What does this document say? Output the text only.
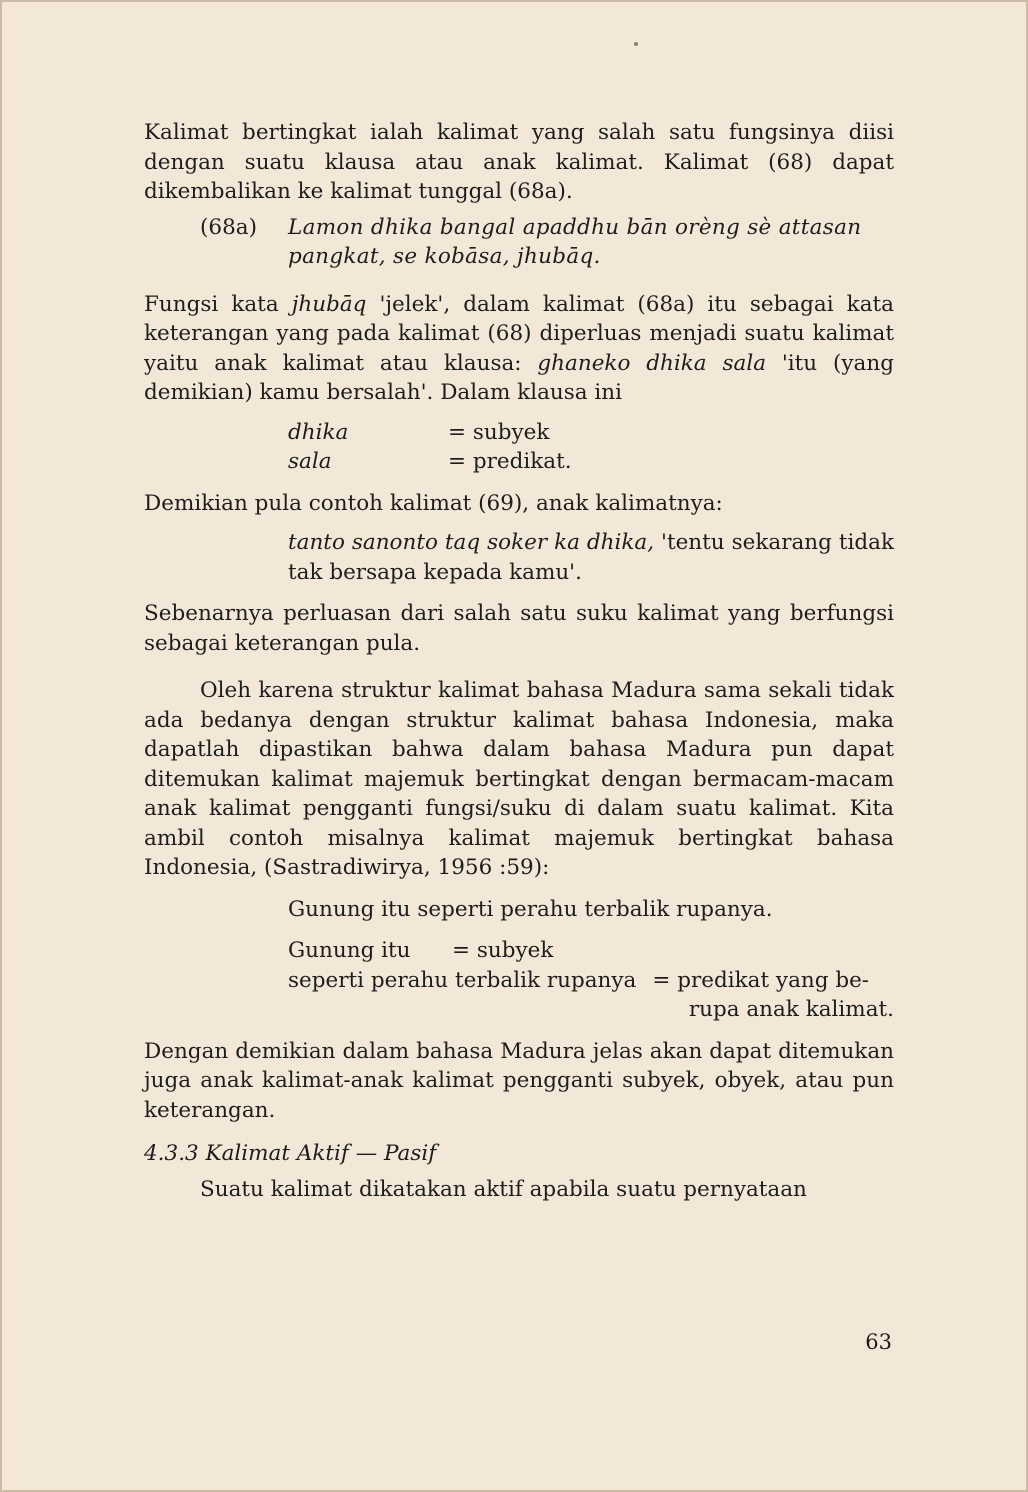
Kalimat bertingkat ialah kalimat yang salah satu fungsinya diisi dengan suatu klausa atau anak kalimat. Kalimat (68) dapat dikembalikan ke kalimat tunggal (68a).

(68a)	Lamon dhika bangal apaddhu bān orèng sè attasan
pangkat, se kobāsa, jhubāq.

Fungsi kata jhubāq 'jelek', dalam kalimat (68a) itu sebagai kata keterangan yang pada kalimat (68) diperluas menjadi suatu kalimat yaitu anak kalimat atau klausa: ghaneko dhika sala 'itu (yang demikian) kamu bersalah'. Dalam klausa ini

dhika	= subyek
sala	= predikat.

Demikian pula contoh kalimat (69), anak kalimatnya:

tanto sanonto taq soker ka dhika, 'tentu sekarang tidak tak bersapa kepada kamu'.

Sebenarnya perluasan dari salah satu suku kalimat yang berfungsi sebagai keterangan pula.

Oleh karena struktur kalimat bahasa Madura sama sekali tidak ada bedanya dengan struktur kalimat bahasa Indonesia, maka dapatlah dipastikan bahwa dalam bahasa Madura pun dapat ditemukan kalimat majemuk bertingkat dengan bermacam-macam anak kalimat pengganti fungsi/suku di dalam suatu kalimat. Kita ambil contoh misalnya kalimat majemuk bertingkat bahasa Indonesia, (Sastradiwirya, 1956 :59):

Gunung itu seperti perahu terbalik rupanya.
Gunung itu	= subyek
seperti perahu terbalik rupanya = predikat yang be-
rupa anak kalimat.

Dengan demikian dalam bahasa Madura jelas akan dapat ditemukan juga anak kalimat-anak kalimat pengganti subyek, obyek, atau pun keterangan.

4.3.3 Kalimat Aktif — Pasif

Suatu kalimat dikatakan aktif apabila suatu pernyataan

63
